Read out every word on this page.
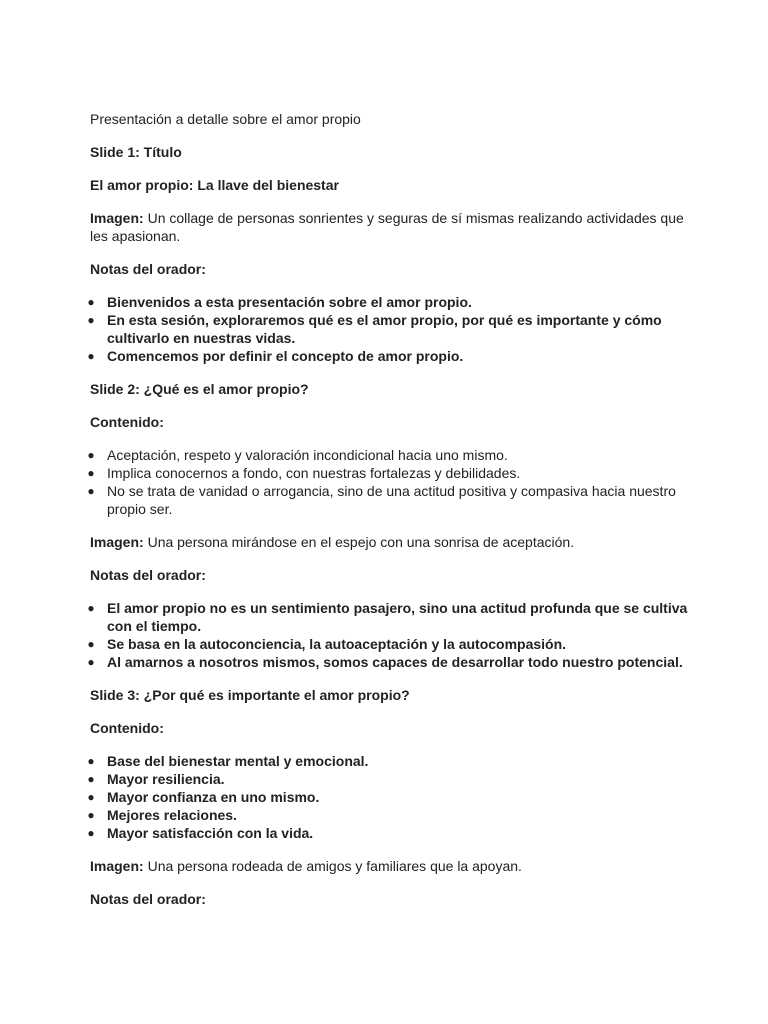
Presentación a detalle sobre el amor propio

Slide 1: Título

El amor propio: La llave del bienestar

Imagen: Un collage de personas sonrientes y seguras de sí mismas realizando actividades que les apasionan.

Notas del orador:

● Bienvenidos a esta presentación sobre el amor propio.
● En esta sesión, exploraremos qué es el amor propio, por qué es importante y cómo cultivarlo en nuestras vidas.
● Comencemos por definir el concepto de amor propio.

Slide 2: ¿Qué es el amor propio?

Contenido:

● Aceptación, respeto y valoración incondicional hacia uno mismo.
● Implica conocernos a fondo, con nuestras fortalezas y debilidades.
● No se trata de vanidad o arrogancia, sino de una actitud positiva y compasiva hacia nuestro propio ser.

Imagen: Una persona mirándose en el espejo con una sonrisa de aceptación.

Notas del orador:

● El amor propio no es un sentimiento pasajero, sino una actitud profunda que se cultiva con el tiempo.
● Se basa en la autoconciencia, la autoaceptación y la autocompasión.
● Al amarnos a nosotros mismos, somos capaces de desarrollar todo nuestro potencial.

Slide 3: ¿Por qué es importante el amor propio?

Contenido:

● Base del bienestar mental y emocional.
● Mayor resiliencia.
● Mayor confianza en uno mismo.
● Mejores relaciones.
● Mayor satisfacción con la vida.

Imagen: Una persona rodeada de amigos y familiares que la apoyan.

Notas del orador:
